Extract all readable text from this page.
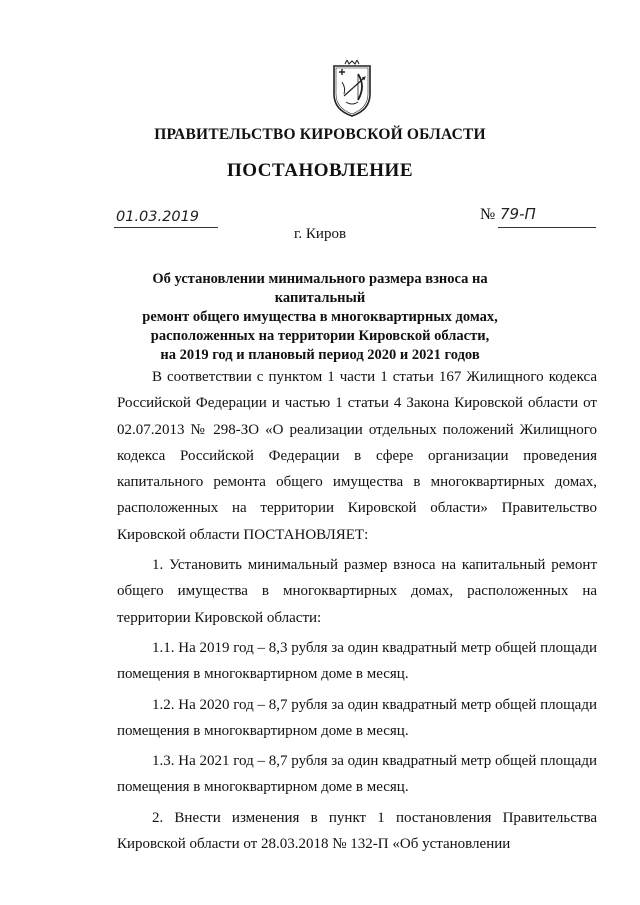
ПРАВИТЕЛЬСТВО КИРОВСКОЙ ОБЛАСТИ
ПОСТАНОВЛЕНИЕ
01.03.2019	№ 79-П
г. Киров
Об установлении минимального размера взноса на капитальный
ремонт общего имущества в многоквартирных домах,
расположенных на территории Кировской области,
на 2019 год и плановый период 2020 и 2021 годов

В соответствии с пунктом 1 части 1 статьи 167 Жилищного кодекса Российской Федерации и частью 1 статьи 4 Закона Кировской области от 02.07.2013 № 298-ЗО «О реализации отдельных положений Жилищного кодекса Российской Федерации в сфере организации проведения капитального ремонта общего имущества в многоквартирных домах, расположенных на территории Кировской области» Правительство Кировской области ПОСТАНОВЛЯЕТ:

1. Установить минимальный размер взноса на капитальный ремонт общего имущества в многоквартирных домах, расположенных на территории Кировской области:

1.1. На 2019 год – 8,3 рубля за один квадратный метр общей площади помещения в многоквартирном доме в месяц.

1.2. На 2020 год – 8,7 рубля за один квадратный метр общей площади помещения в многоквартирном доме в месяц.

1.3. На 2021 год – 8,7 рубля за один квадратный метр общей площади помещения в многоквартирном доме в месяц.

2. Внести изменения в пункт 1 постановления Правительства Кировской области от 28.03.2018 № 132-П «Об установлении
